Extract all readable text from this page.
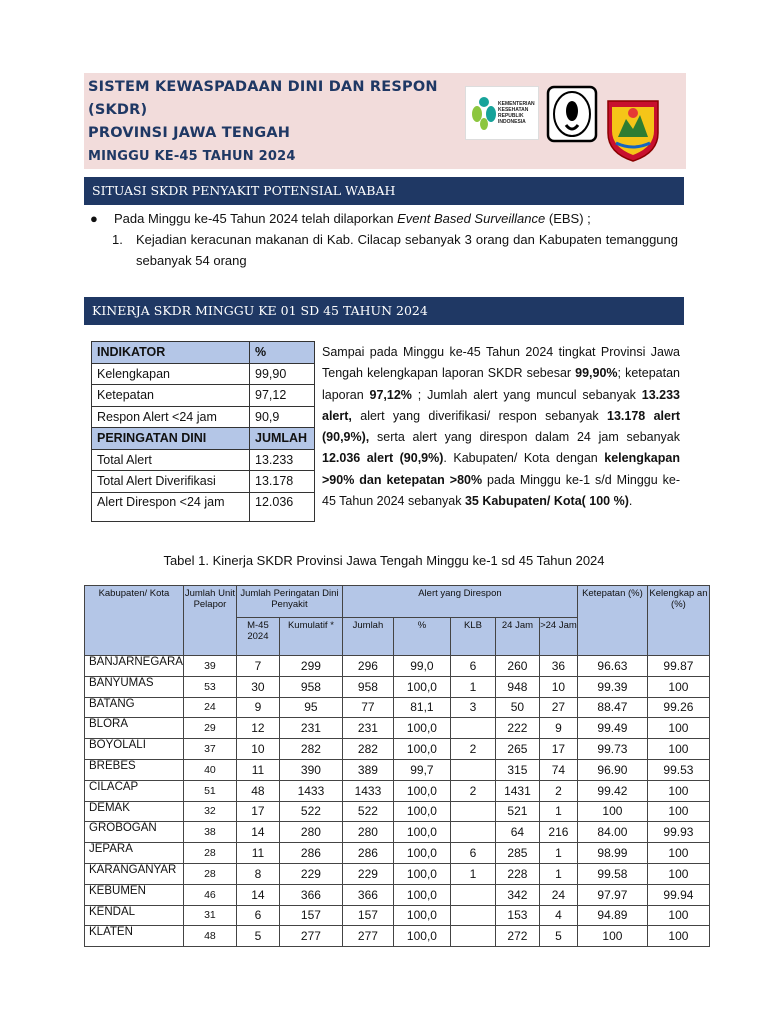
SISTEM KEWASPADAAN DINI DAN RESPON
(SKDR)
PROVINSI JAWA TENGAH
MINGGU KE-45 TAHUN 2024
KEMENTERIAN
KESEHATAN
REPUBLIK
INDONESIA
SITUASI SKDR PENYAKIT POTENSIAL WABAH
● Pada Minggu ke-45 Tahun 2024 telah dilaporkan Event Based Surveillance (EBS) ;
1. Kejadian keracunan makanan di Kab. Cilacap sebanyak 3 orang dan Kabupaten temanggung sebanyak 54 orang
KINERJA SKDR MINGGU KE 01 SD 45 TAHUN 2024
INDIKATOR	%
Kelengkapan	99,90
Ketepatan	97,12
Respon Alert <24 jam	90,9
PERINGATAN DINI	JUMLAH
Total Alert	13.233
Total Alert Diverifikasi	13.178
Alert Direspon <24 jam	12.036
Sampai pada Minggu ke-45 Tahun 2024 tingkat Provinsi Jawa Tengah kelengkapan laporan SKDR sebesar 99,90%; ketepatan laporan 97,12% ; Jumlah alert yang muncul sebanyak 13.233 alert, alert yang diverifikasi/ respon sebanyak 13.178 alert (90,9%), serta alert yang direspon dalam 24 jam sebanyak 12.036 alert (90,9%). Kabupaten/ Kota dengan kelengkapan >90% dan ketepatan >80% pada Minggu ke-1 s/d Minggu ke-45 Tahun 2024 sebanyak 35 Kabupaten/ Kota( 100 %).
Tabel 1. Kinerja SKDR Provinsi Jawa Tengah Minggu ke-1 sd 45 Tahun 2024
Kabupaten/ Kota	Jumlah Unit Pelapor	Jumlah Peringatan Dini Penyakit		Alert yang Direspon					Ketepatan (%)	Kelengkap an (%)
		M-45 2024	Kumulatif *	Jumlah	%	KLB	24 Jam	>24 Jam		
BANJARNEGARA	39	7	299	296	99,0	6	260	36	96.63	99.87
BANYUMAS	53	30	958	958	100,0	1	948	10	99.39	100
BATANG	24	9	95	77	81,1	3	50	27	88.47	99.26
BLORA	29	12	231	231	100,0		222	9	99.49	100
BOYOLALI	37	10	282	282	100,0	2	265	17	99.73	100
BREBES	40	11	390	389	99,7		315	74	96.90	99.53
CILACAP	51	48	1433	1433	100,0	2	1431	2	99.42	100
DEMAK	32	17	522	522	100,0		521	1	100	100
GROBOGAN	38	14	280	280	100,0		64	216	84.00	99.93
JEPARA	28	11	286	286	100,0	6	285	1	98.99	100
KARANGANYAR	28	8	229	229	100,0	1	228	1	99.58	100
KEBUMEN	46	14	366	366	100,0		342	24	97.97	99.94
KENDAL	31	6	157	157	100,0		153	4	94.89	100
KLATEN	48	5	277	277	100,0		272	5	100	100
